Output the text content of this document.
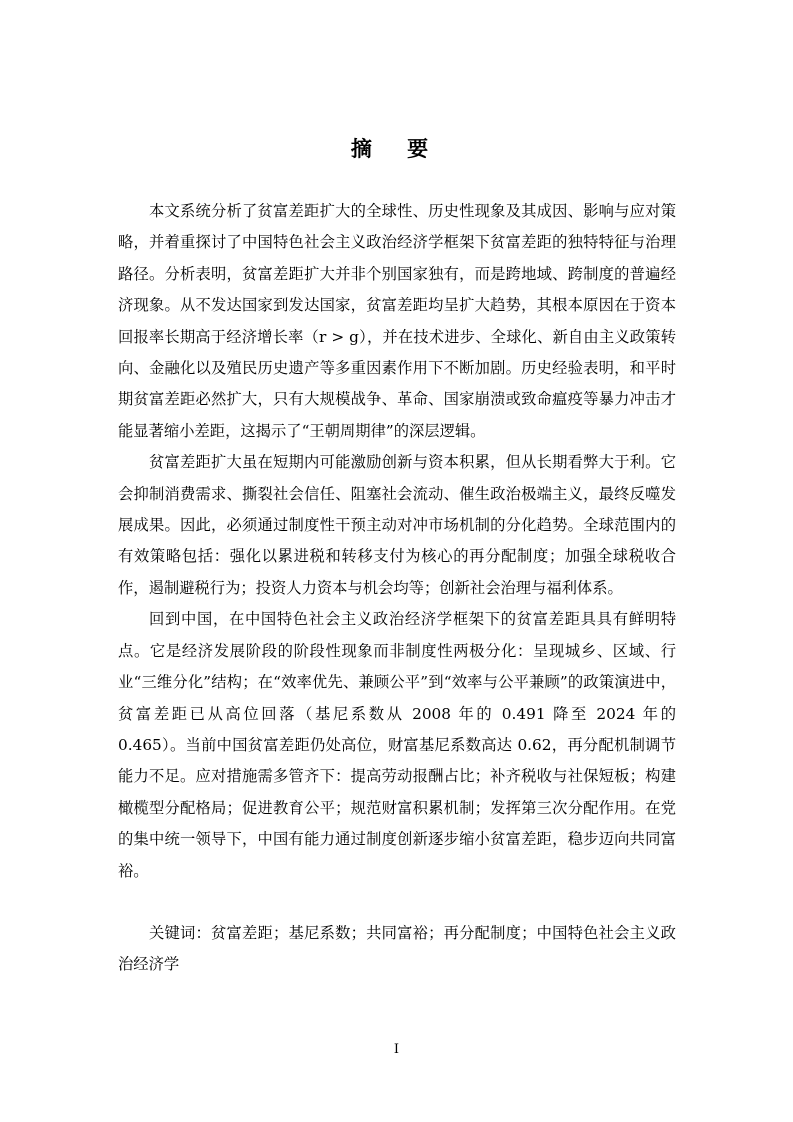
摘 要

本文系统分析了贫富差距扩大的全球性、历史性现象及其成因、影响与应对策略，并着重探讨了中国特色社会主义政治经济学框架下贫富差距的独特特征与治理路径。分析表明，贫富差距扩大并非个别国家独有，而是跨地域、跨制度的普遍经济现象。从不发达国家到发达国家，贫富差距均呈扩大趋势，其根本原因在于资本回报率长期高于经济增长率（r > g），并在技术进步、全球化、新自由主义政策转向、金融化以及殖民历史遗产等多重因素作用下不断加剧。历史经验表明，和平时期贫富差距必然扩大，只有大规模战争、革命、国家崩溃或致命瘟疫等暴力冲击才能显著缩小差距，这揭示了“王朝周期律”的深层逻辑。

贫富差距扩大虽在短期内可能激励创新与资本积累，但从长期看弊大于利。它会抑制消费需求、撕裂社会信任、阻塞社会流动、催生政治极端主义，最终反噬发展成果。因此，必须通过制度性干预主动对冲市场机制的分化趋势。全球范围内的有效策略包括：强化以累进税和转移支付为核心的再分配制度；加强全球税收合作，遏制避税行为；投资人力资本与机会均等；创新社会治理与福利体系。

回到中国，在中国特色社会主义政治经济学框架下的贫富差距具具有鲜明特点。它是经济发展阶段的阶段性现象而非制度性两极分化：呈现城乡、区域、行业“三维分化”结构；在“效率优先、兼顾公平”到“效率与公平兼顾”的政策演进中，贫富差距已从高位回落（基尼系数从 2008 年的 0.491 降至 2024 年的 0.465）。当前中国贫富差距仍处高位，财富基尼系数高达 0.62，再分配机制调节能力不足。应对措施需多管齐下：提高劳动报酬占比；补齐税收与社保短板；构建橄榄型分配格局；促进教育公平；规范财富积累机制；发挥第三次分配作用。在党的集中统一领导下，中国有能力通过制度创新逐步缩小贫富差距，稳步迈向共同富裕。

关键词：贫富差距；基尼系数；共同富裕；再分配制度；中国特色社会主义政治经济学

I
